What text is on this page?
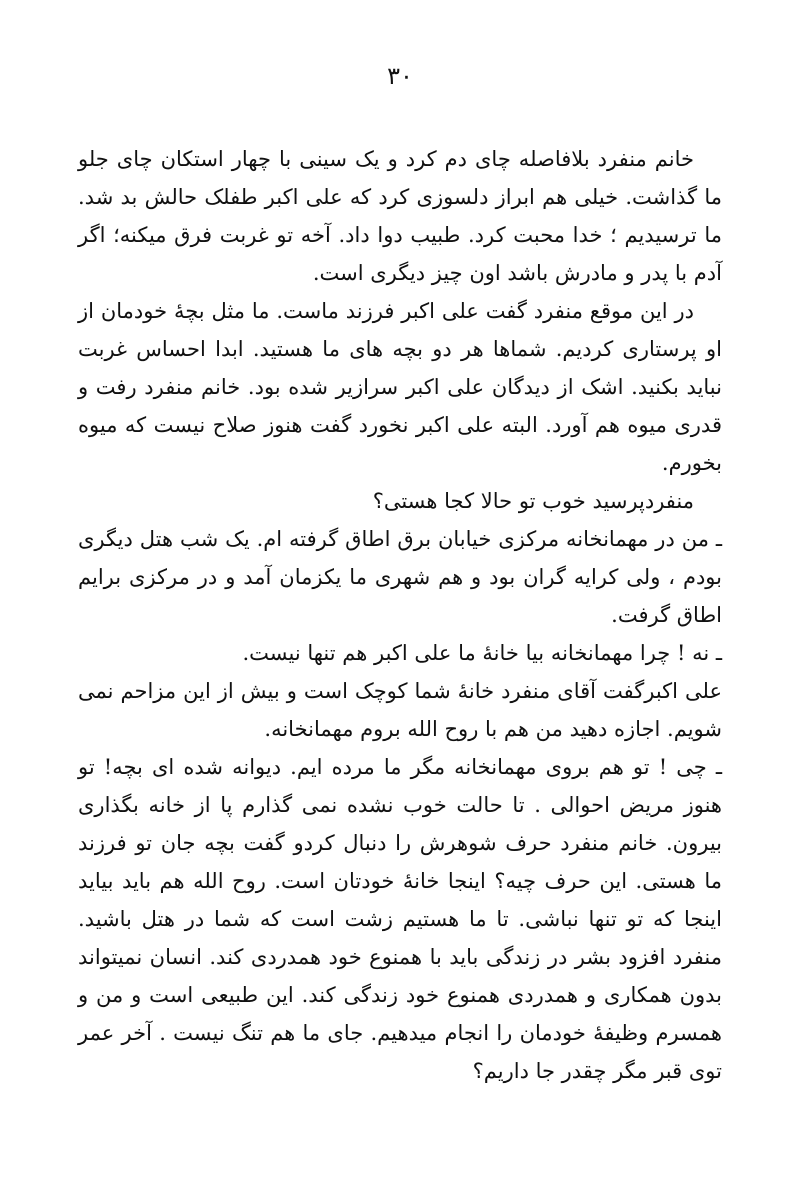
۳۰

خانم منفرد بلافاصله چای دم کرد و یک سینی با چهار استکان چای جلو ما گذاشت. خیلی هم ابراز دلسوزی کرد که علی اکبر طفلک حالش بد شد. ما ترسیدیم ؛ خدا محبت کرد. طبیب دوا داد. آخه تو غربت فرق میکنه؛ اگر آدم با پدر و مادرش باشد اون چیز دیگری است.

در این موقع منفرد گفت علی اکبر فرزند ماست. ما مثل بچهٔ خودمان از او پرستاری کردیم. شماها هر دو بچه های ما هستید. ابدا احساس غربت نباید بکنید. اشک از دیدگان علی اکبر سرازیر شده بود. خانم منفرد رفت و قدری میوه هم آورد. البته علی اکبر نخورد گفت هنوز صلاح نیست که میوه بخورم.

منفردپرسید خوب تو حالا کجا هستی؟

ـ من در مهمانخانه مرکزی خیابان برق اطاق گرفته ام. یک شب هتل دیگری بودم ، ولی کرایه گران بود و هم شهری ما یکزمان آمد و در مرکزی برایم اطاق گرفت.

ـ نه ! چرا مهمانخانه بیا خانهٔ ما علی اکبر هم تنها نیست.

علی اکبرگفت آقای منفرد خانهٔ شما کوچک است و بیش از این مزاحم نمی شویم. اجازه دهید من هم با روح الله بروم مهمانخانه.

ـ چی ! تو هم بروی مهمانخانه مگر ما مرده ایم. دیوانه شده ای بچه! تو هنوز مریض احوالی . تا حالت خوب نشده نمی گذارم پا از خانه بگذاری بیرون. خانم منفرد حرف شوهرش را دنبال کردو گفت بچه جان تو فرزند ما هستی. این حرف چیه؟ اینجا خانهٔ خودتان است. روح الله هم باید بیاید اینجا که تو تنها نباشی. تا ما هستیم زشت است که شما در هتل باشید. منفرد افزود بشر در زندگی باید با همنوع خود همدردی کند. انسان نمیتواند بدون همکاری و همدردی همنوع خود زندگی کند. این طبیعی است و من و همسرم وظیفهٔ خودمان را انجام میدهیم. جای ما هم تنگ نیست . آخر عمر توی قبر مگر چقدر جا داریم؟
